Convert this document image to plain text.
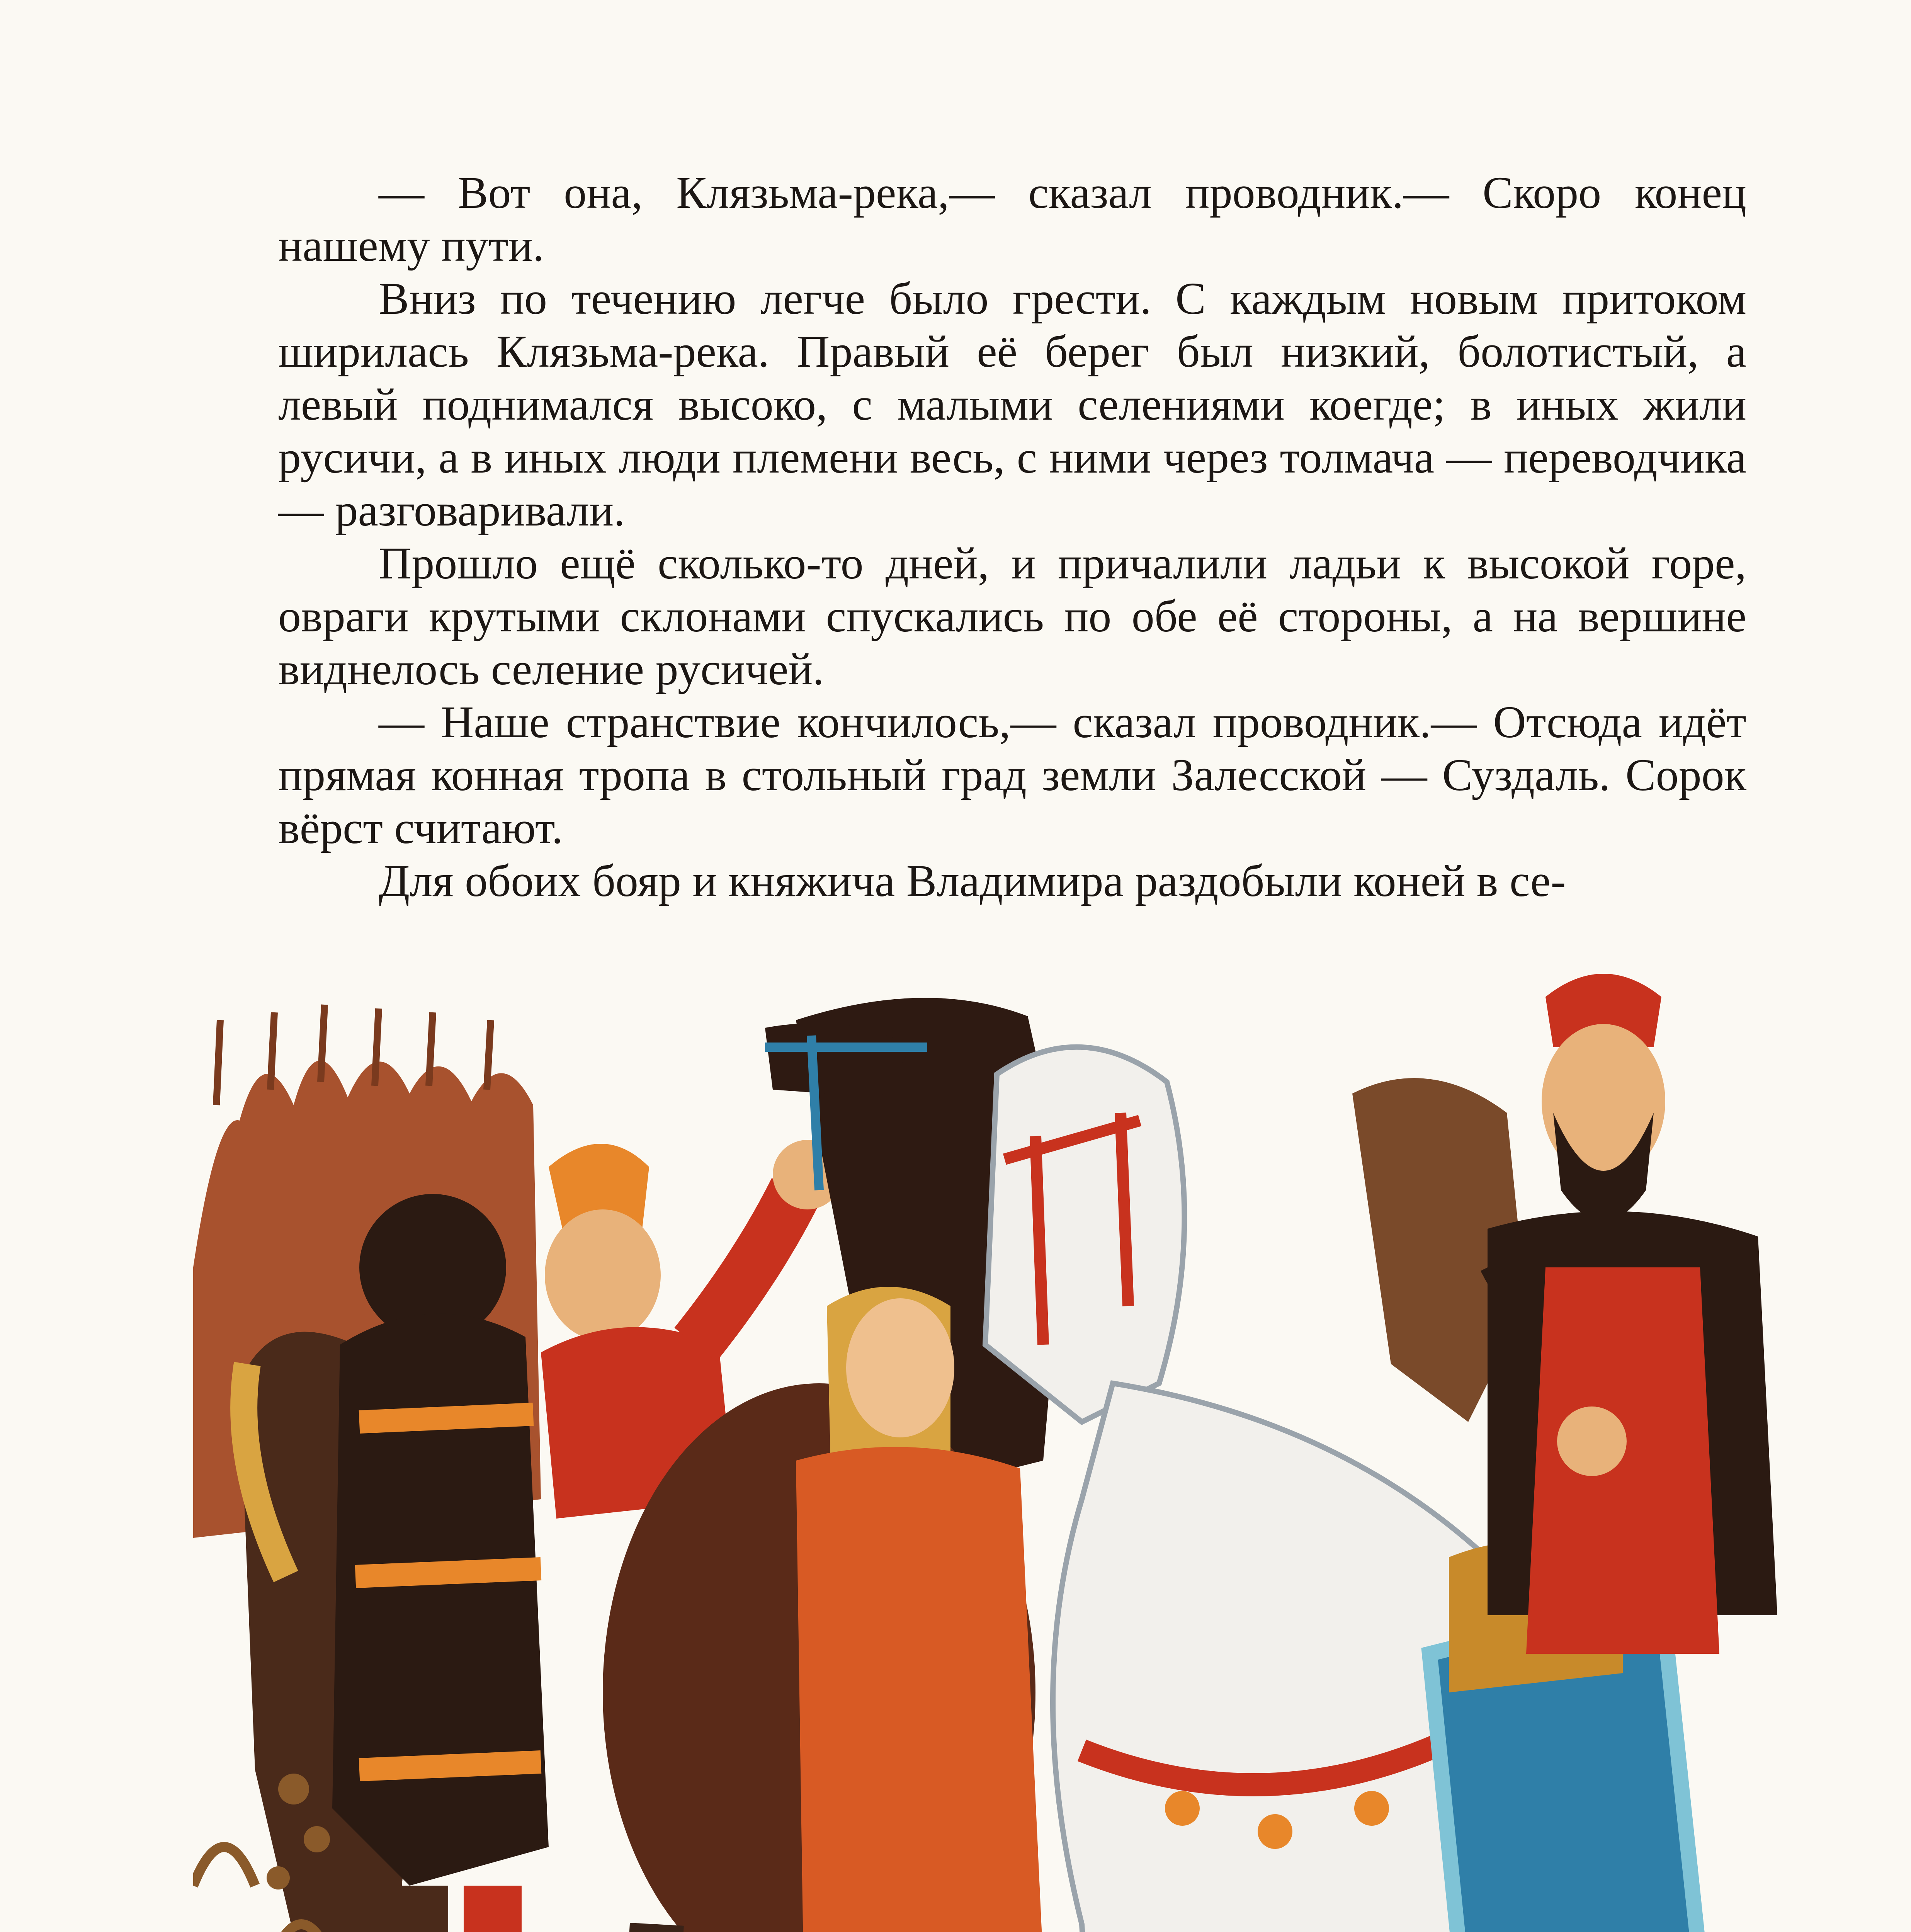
— Вот она, Клязьма-река,— сказал проводник.— Скоро конец нашему пути.

Вниз по течению легче было грести. С каждым новым притоком ширилась Клязьма-река. Правый её берег был низкий, болотистый, а левый поднимался высоко, с малыми селениями коегде; в иных жили русичи, а в иных люди племени весь, с ними через толмача — переводчика — разговаривали.

Прошло ещё сколько-то дней, и причалили ладьи к высокой горе, овраги крутыми склонами спускались по обе её стороны, а на вершине виднелось селение русичей.

— Наше странствие кончилось,— сказал проводник.— Отсюда идёт прямая конная тропа в стольный град земли Залесской — Суздаль. Сорок вёрст считают.

Для обоих бояр и княжича Владимира раздобыли коней в се-
